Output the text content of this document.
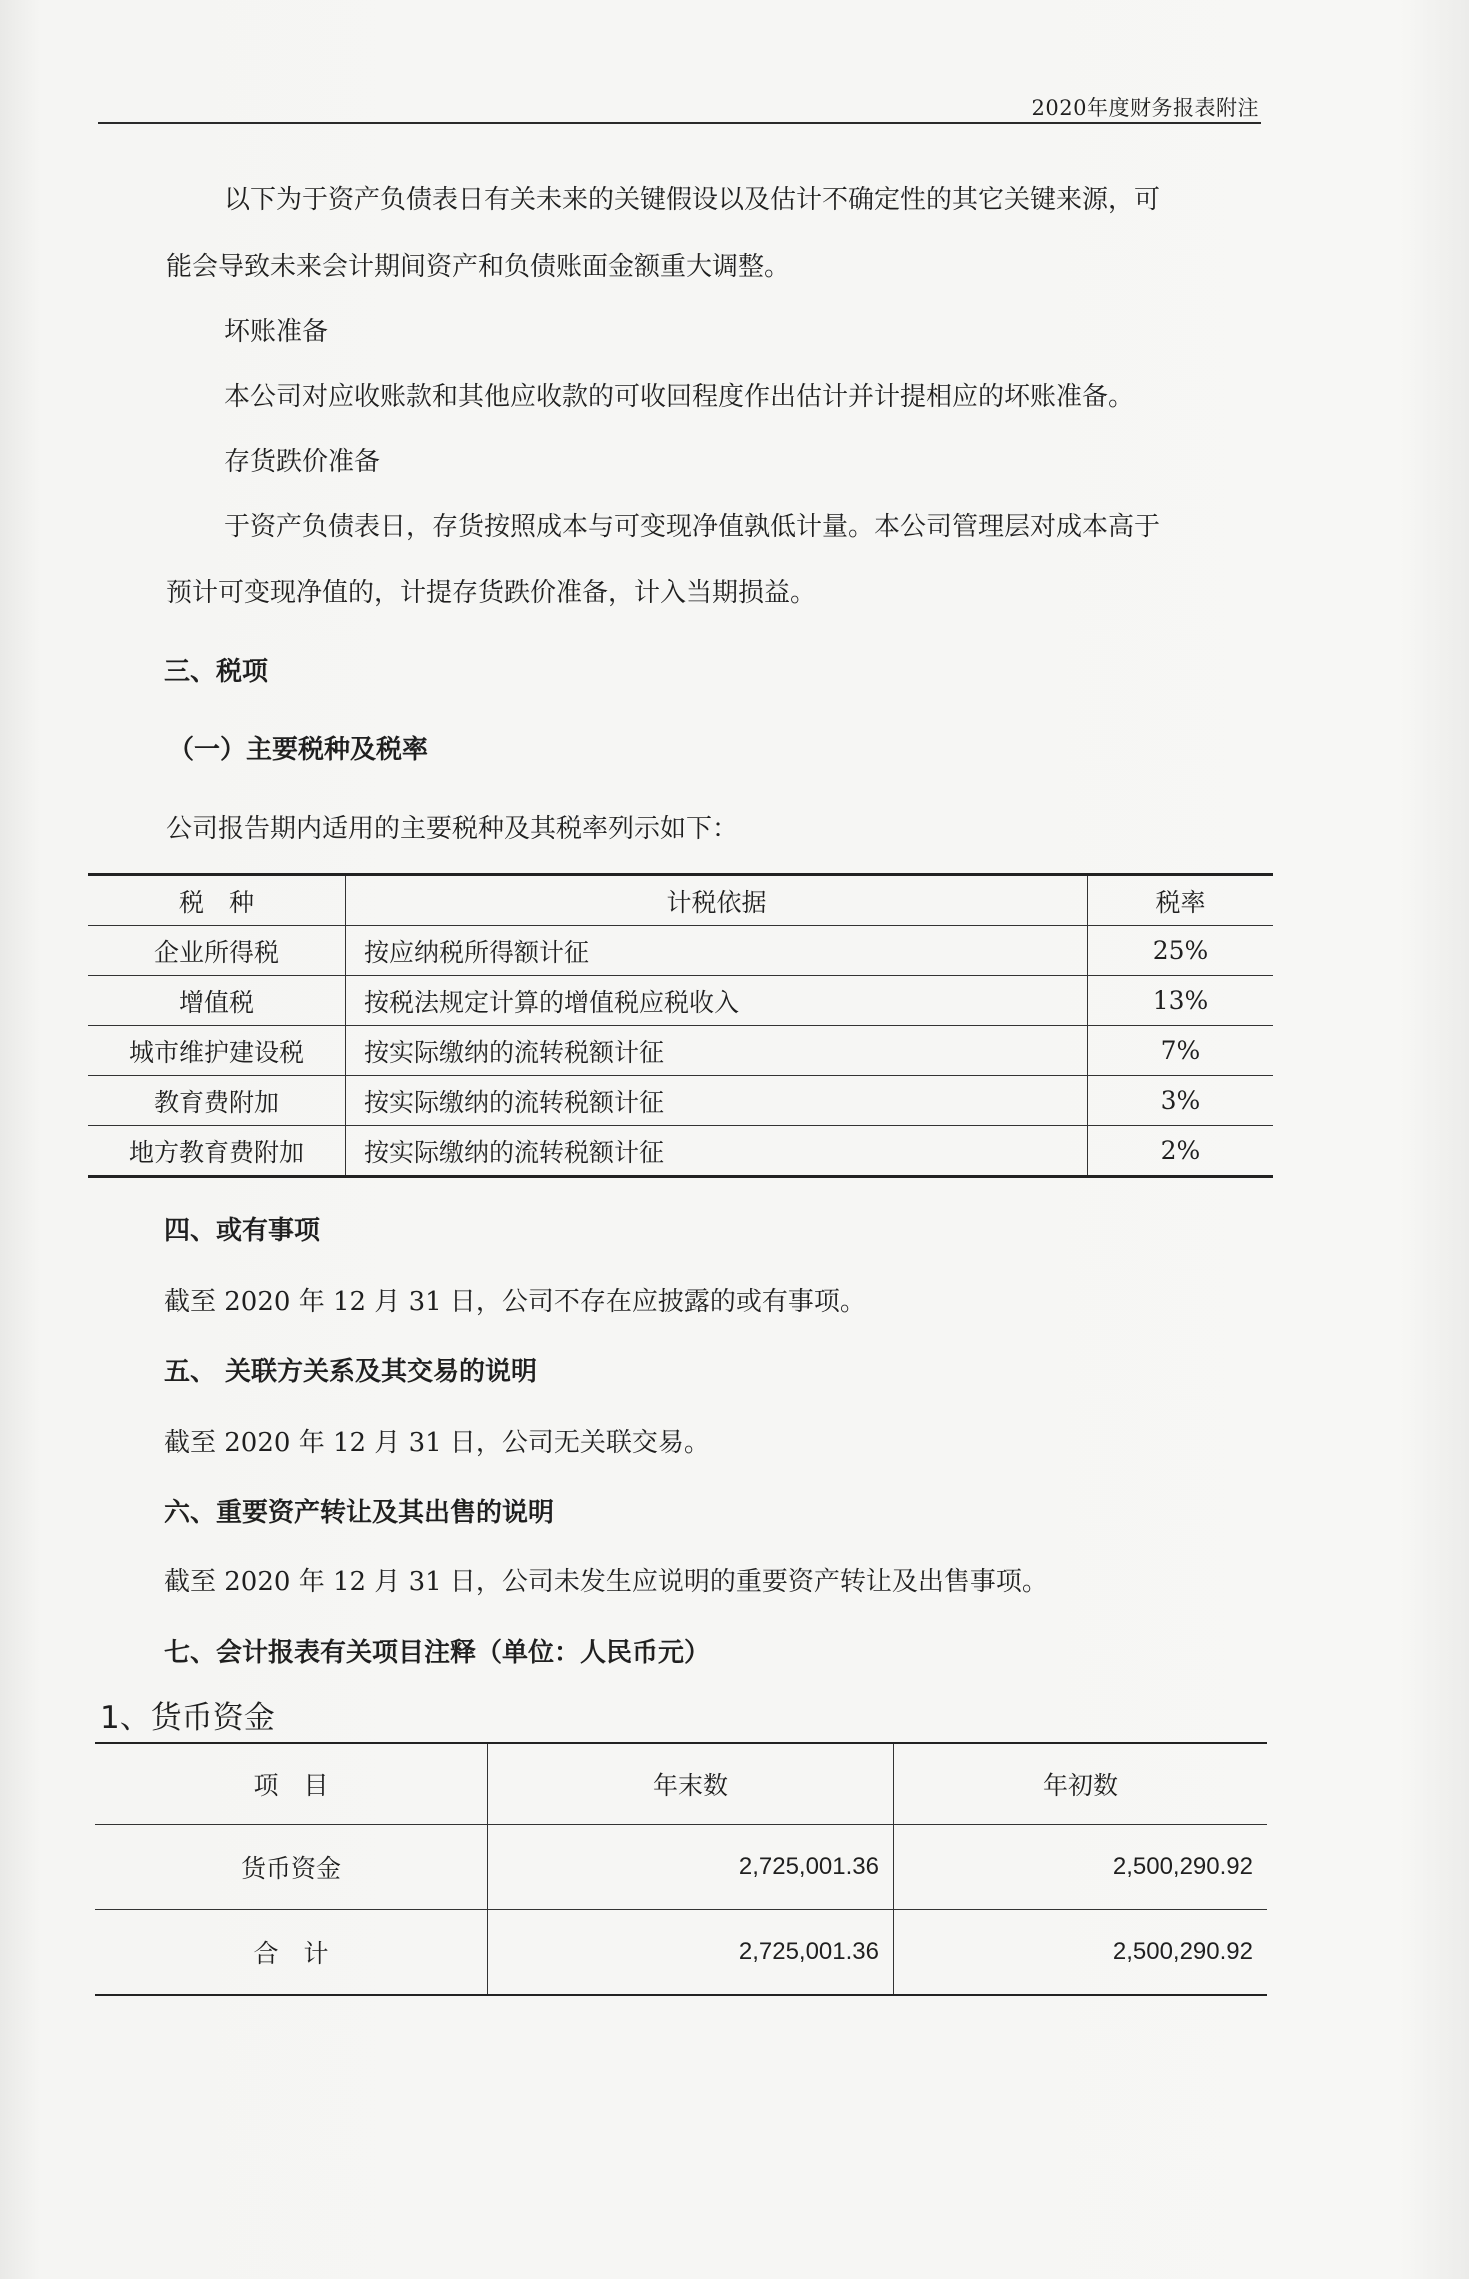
2020年度财务报表附注
以下为于资产负债表日有关未来的关键假设以及估计不确定性的其它关键来源，可
能会导致未来会计期间资产和负债账面金额重大调整。
坏账准备
本公司对应收账款和其他应收款的可收回程度作出估计并计提相应的坏账准备。
存货跌价准备
于资产负债表日，存货按照成本与可变现净值孰低计量。本公司管理层对成本高于
预计可变现净值的，计提存货跌价准备，计入当期损益。
三、税项
（一）主要税种及税率
公司报告期内适用的主要税种及其税率列示如下：
税　种	计税依据	税率
企业所得税	按应纳税所得额计征	25%
增值税	按税法规定计算的增值税应税收入	13%
城市维护建设税	按实际缴纳的流转税额计征	7%
教育费附加	按实际缴纳的流转税额计征	3%
地方教育费附加	按实际缴纳的流转税额计征	2%
四、或有事项
截至 2020 年 12 月 31 日，公司不存在应披露的或有事项。
五、 关联方关系及其交易的说明
截至 2020 年 12 月 31 日，公司无关联交易。
六、重要资产转让及其出售的说明
截至 2020 年 12 月 31 日，公司未发生应说明的重要资产转让及出售事项。
七、会计报表有关项目注释（单位：人民币元）
1、货币资金
项　目	年末数	年初数
货币资金	2,725,001.36	2,500,290.92
合　计	2,725,001.36	2,500,290.92
